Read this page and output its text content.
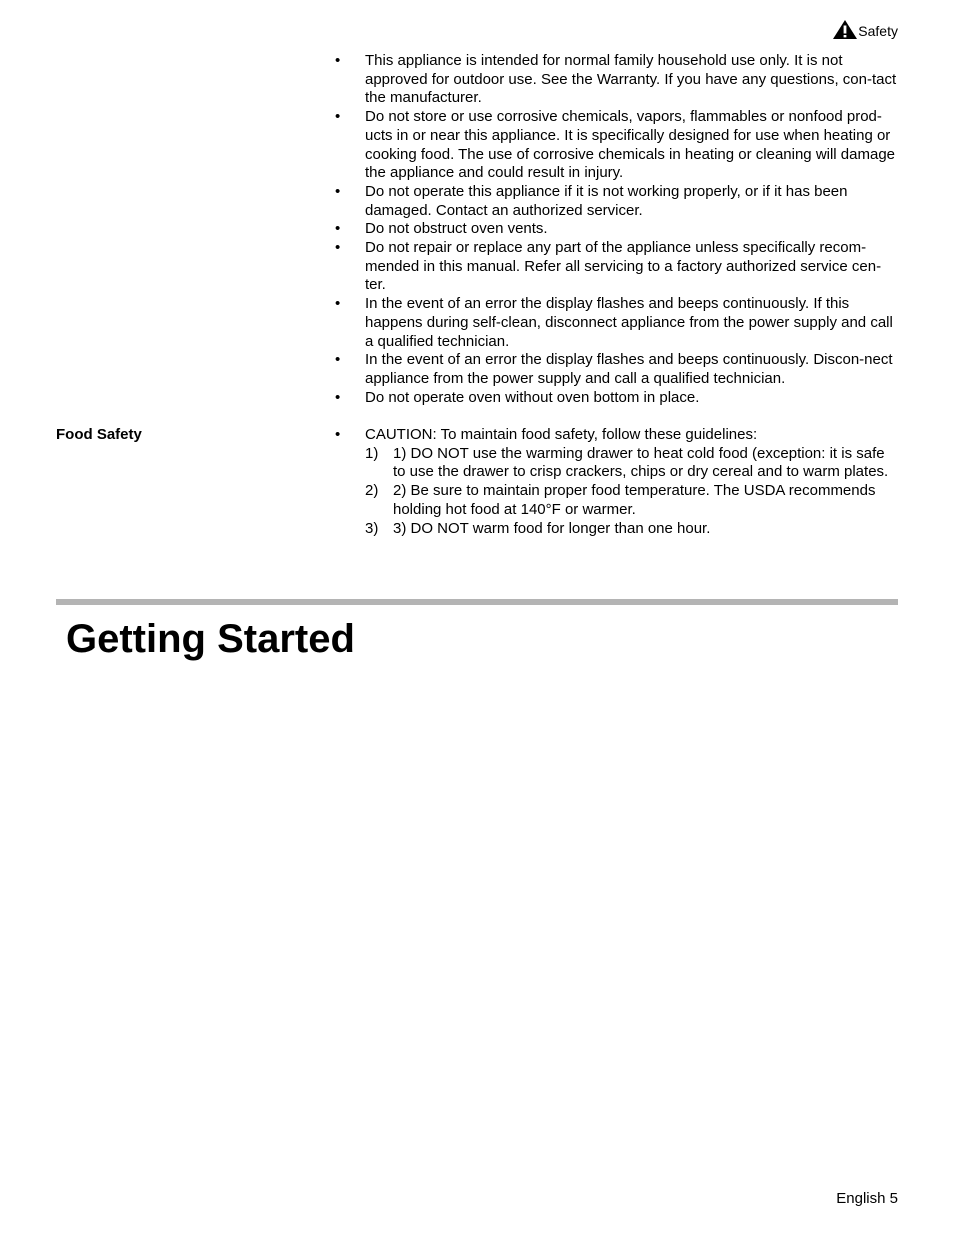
Safety
• This appliance is intended for normal family household use only. It is not approved for outdoor use. See the Warranty. If you have any questions, con-tact the manufacturer.
• Do not store or use corrosive chemicals, vapors, flammables or nonfood prod-ucts in or near this appliance. It is specifically designed for use when heating or cooking food. The use of corrosive chemicals in heating or cleaning will damage the appliance and could result in injury.
• Do not operate this appliance if it is not working properly, or if it has been damaged. Contact an authorized servicer.
• Do not obstruct oven vents.
• Do not repair or replace any part of the appliance unless specifically recom-mended in this manual. Refer all servicing to a factory authorized service cen-ter.
• In the event of an error the display flashes and beeps continuously. If this happens during self-clean, disconnect appliance from the power supply and call a qualified technician.
• In the event of an error the display flashes and beeps continuously. Discon-nect appliance from the power supply and call a qualified technician.
• Do not operate oven without oven bottom in place.
Food Safety
•	CAUTION: To maintain food safety, follow these guidelines:
1) 1) DO NOT use the warming drawer to heat cold food (exception: it is safe to use the drawer to crisp crackers, chips or dry cereal and to warm plates.
2) 2) Be sure to maintain proper food temperature. The USDA recommends holding hot food at 140°F or warmer.
3) 3) DO NOT warm food for longer than one hour.
Getting Started
English 5
